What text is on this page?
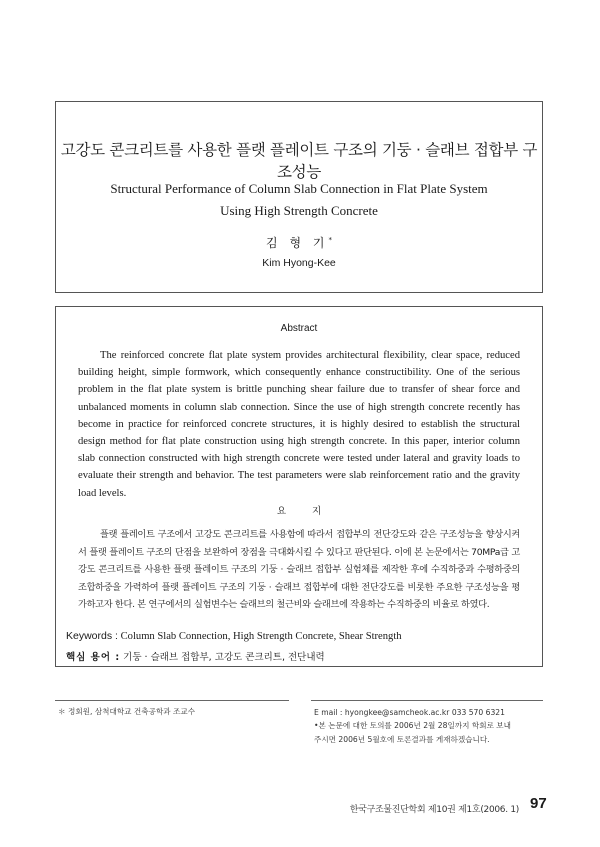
고강도 콘크리트를 사용한 플랫 플레이트 구조의 기둥 · 슬래브 접합부 구조성능
Structural Performance of Column Slab Connection in Flat Plate System
Using High Strength Concrete
김 형 기*
Kim Hyong-Kee
Abstract

The reinforced concrete flat plate system provides architectural flexibility, clear space, reduced building height, simple formwork, which consequently enhance constructibility. One of the serious problem in the flat plate system is brittle punching shear failure due to transfer of shear force and unbalanced moments in column slab connection. Since the use of high strength concrete recently has become in practice for reinforced concrete structures, it is highly desired to establish the structural design method for flat plate construction using high strength concrete. In this paper, interior column slab connection constructed with high strength concrete were tested under lateral and gravity loads to evaluate their strength and behavior. The test parameters were slab reinforcement ratio and the gravity load levels.

요지

플랫 플레이트 구조에서 고강도 콘크리트를 사용함에 따라서 접합부의 전단강도와 같은 구조성능을 향상시켜서 플랫 플레이트 구조의 단점을 보완하여 장점을 극대화시킬 수 있다고 판단된다. 이에 본 논문에서는 70MPa급 고강도 콘크리트를 사용한 플랫 플레이트 구조의 기둥 · 슬래브 접합부 실험체를 제작한 후에 수직하중과 수평하중의 조합하중을 가력하여 플랫 플레이트 구조의 기둥 · 슬래브 접합부에 대한 전단강도를 비롯한 주요한 구조성능을 평가하고자 한다. 본 연구에서의 실험변수는 슬래브의 철근비와 슬래브에 작용하는 수직하중의 비율로 하였다.

Keywords : Column Slab Connection, High Strength Concrete, Shear Strength
핵심 용어 : 기둥 · 슬래브 접합부, 고강도 콘크리트, 전단내력
＊ 정회원, 삼척대학교 건축공학과 조교수	E mail : hyongkee@samcheok.ac.kr 033 570 6321
•본 논문에 대한 토의를 2006년 2월 28일까지 학회로 보내
주시면 2006년 5월호에 토론결과를 게재하겠습니다.
한국구조물진단학회 제10권 제1호(2006. 1) 97
